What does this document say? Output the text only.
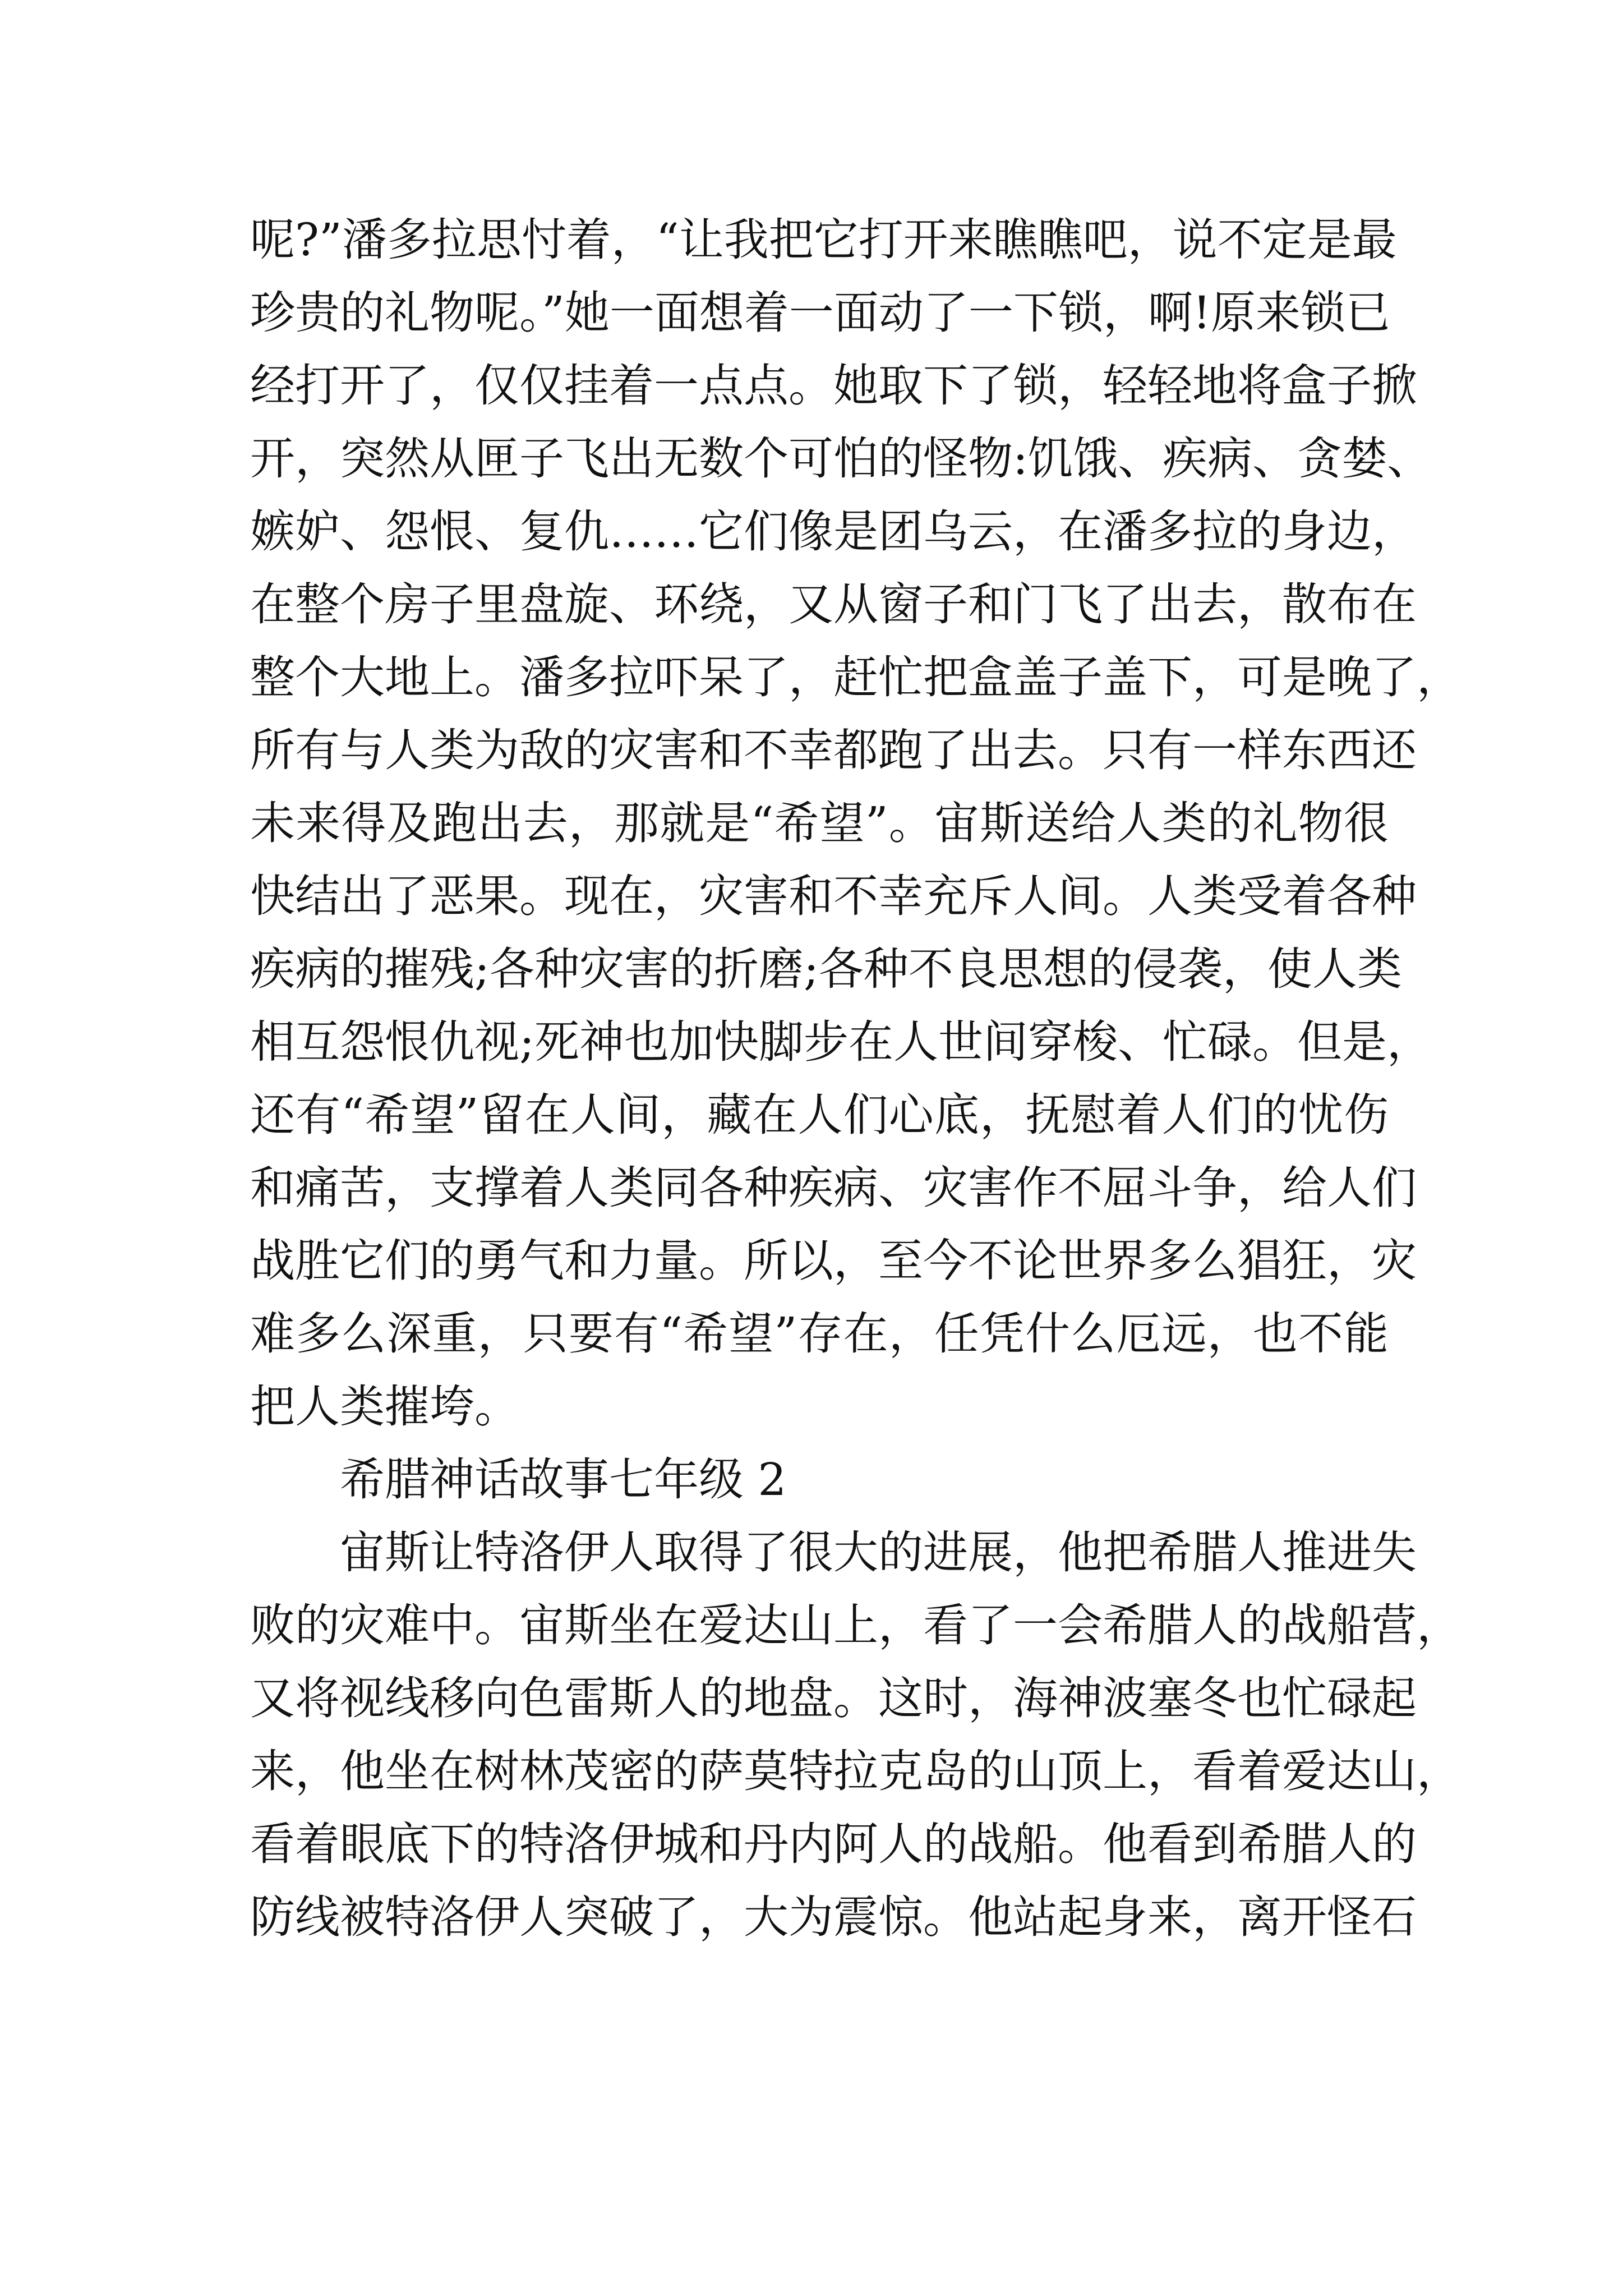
呢?”潘多拉思忖着，“让我把它打开来瞧瞧吧，说不定是最
珍贵的礼物呢。”她一面想着一面动了一下锁，啊!原来锁已
经打开了，仅仅挂着一点点。她取下了锁，轻轻地将盒子掀
开，突然从匣子飞出无数个可怕的怪物:饥饿、疾病、贪婪、
嫉妒、怨恨、复仇……它们像是团乌云，在潘多拉的身边，
在整个房子里盘旋、环绕，又从窗子和门飞了出去，散布在
整个大地上。潘多拉吓呆了，赶忙把盒盖子盖下，可是晚了，
所有与人类为敌的灾害和不幸都跑了出去。只有一样东西还
未来得及跑出去，那就是“希望”。宙斯送给人类的礼物很
快结出了恶果。现在，灾害和不幸充斥人间。人类受着各种
疾病的摧残;各种灾害的折磨;各种不良思想的侵袭，使人类
相互怨恨仇视;死神也加快脚步在人世间穿梭、忙碌。但是，
还有“希望”留在人间，藏在人们心底，抚慰着人们的忧伤
和痛苦，支撑着人类同各种疾病、灾害作不屈斗争，给人们
战胜它们的勇气和力量。所以，至今不论世界多么猖狂，灾
难多么深重，只要有“希望”存在，任凭什么厄远，也不能
把人类摧垮。
希腊神话故事七年级 2
宙斯让特洛伊人取得了很大的进展，他把希腊人推进失
败的灾难中。宙斯坐在爱达山上，看了一会希腊人的战船营，
又将视线移向色雷斯人的地盘。这时，海神波塞冬也忙碌起
来，他坐在树林茂密的萨莫特拉克岛的山顶上，看着爱达山，
看着眼底下的特洛伊城和丹内阿人的战船。他看到希腊人的
防线被特洛伊人突破了，大为震惊。他站起身来，离开怪石
